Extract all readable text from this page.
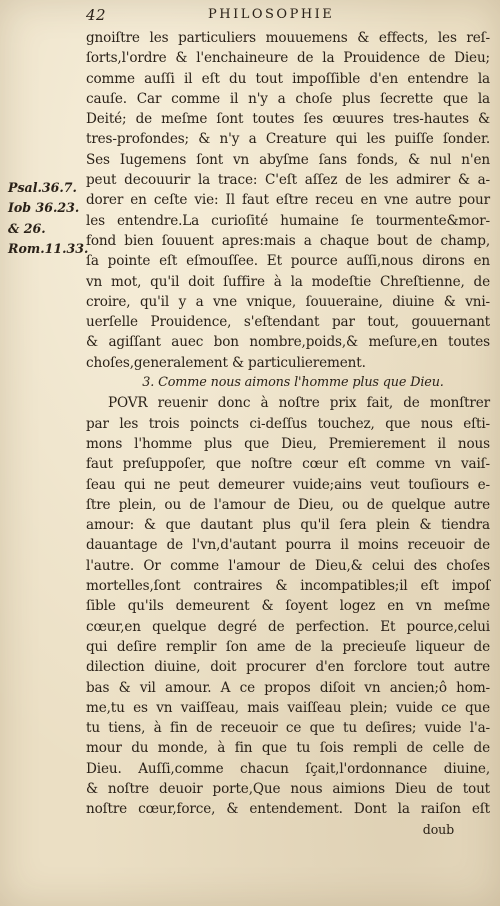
42	PHILOSOPHIE
Psal.36.7.
Iob 36.23.
& 26.
Rom.11.33.
gnoiſtre les particuliers mouuemens & effects, les reſ-
ſorts,l'ordre & l'enchaineure de la Prouidence de Dieu;
comme auſſi il eſt du tout impoſſible d'en entendre la
cauſe. Car comme il n'y a choſe plus ſecrette que la
Deité; de meſme ſont toutes ſes œuures tres-hautes &
tres-profondes; & n'y a Creature qui les puiſſe ſonder.
Ses Iugemens ſont vn abyſme ſans fonds, & nul n'en
peut decouurir la trace: C'eſt aſſez de les admirer & a-
dorer en ceſte vie: Il faut eſtre receu en vne autre pour
les entendre.La curioſité humaine ſe tourmente&mor-
fond bien ſouuent apres:mais a chaque bout de champ,
ſa pointe eſt eſmouſſee. Et pource auſſi,nous dirons en
vn mot, qu'il doit ſuffire à la modeſtie Chreſtienne, de
croire, qu'il y a vne vnique, ſouueraine, diuine & vni-
uerſelle Prouidence, s'eſtendant par tout, gouuernant
& agiſſant auec bon nombre,poids,& meſure,en toutes
choſes,generalement & particulierement.
3. Comme nous aimons l'homme plus que Dieu.
POVR reuenir donc à noſtre prix fait, de monſtrer
par les trois poincts ci-deſſus touchez, que nous eſti-
mons l'homme plus que Dieu, Premierement il nous
faut preſuppoſer, que noſtre cœur eſt comme vn vaiſ-
ſeau qui ne peut demeurer vuide;ains veut touſiours e-
ſtre plein, ou de l'amour de Dieu, ou de quelque autre
amour: & que dautant plus qu'il ſera plein & tiendra
dauantage de l'vn,d'autant pourra il moins receuoir de
l'autre. Or comme l'amour de Dieu,& celui des choſes
mortelles,ſont contraires & incompatibles;il eſt impoſ
ſible qu'ils demeurent & ſoyent logez en vn meſme
cœur,en quelque degré de perfection. Et pource,celui
qui deſire remplir ſon ame de la precieuſe liqueur de
dilection diuine, doit procurer d'en forclore tout autre
bas & vil amour. A ce propos diſoit vn ancien;ô hom-
me,tu es vn vaiſſeau, mais vaiſſeau plein; vuide ce que
tu tiens, à fin de receuoir ce que tu deſires; vuide l'a-
mour du monde, à fin que tu ſois rempli de celle de
Dieu. Auſſi,comme chacun ſçait,l'ordonnance diuine,
& noſtre deuoir porte,Que nous aimions Dieu de tout
noſtre cœur,force, & entendement. Dont la raiſon eſt
doub
